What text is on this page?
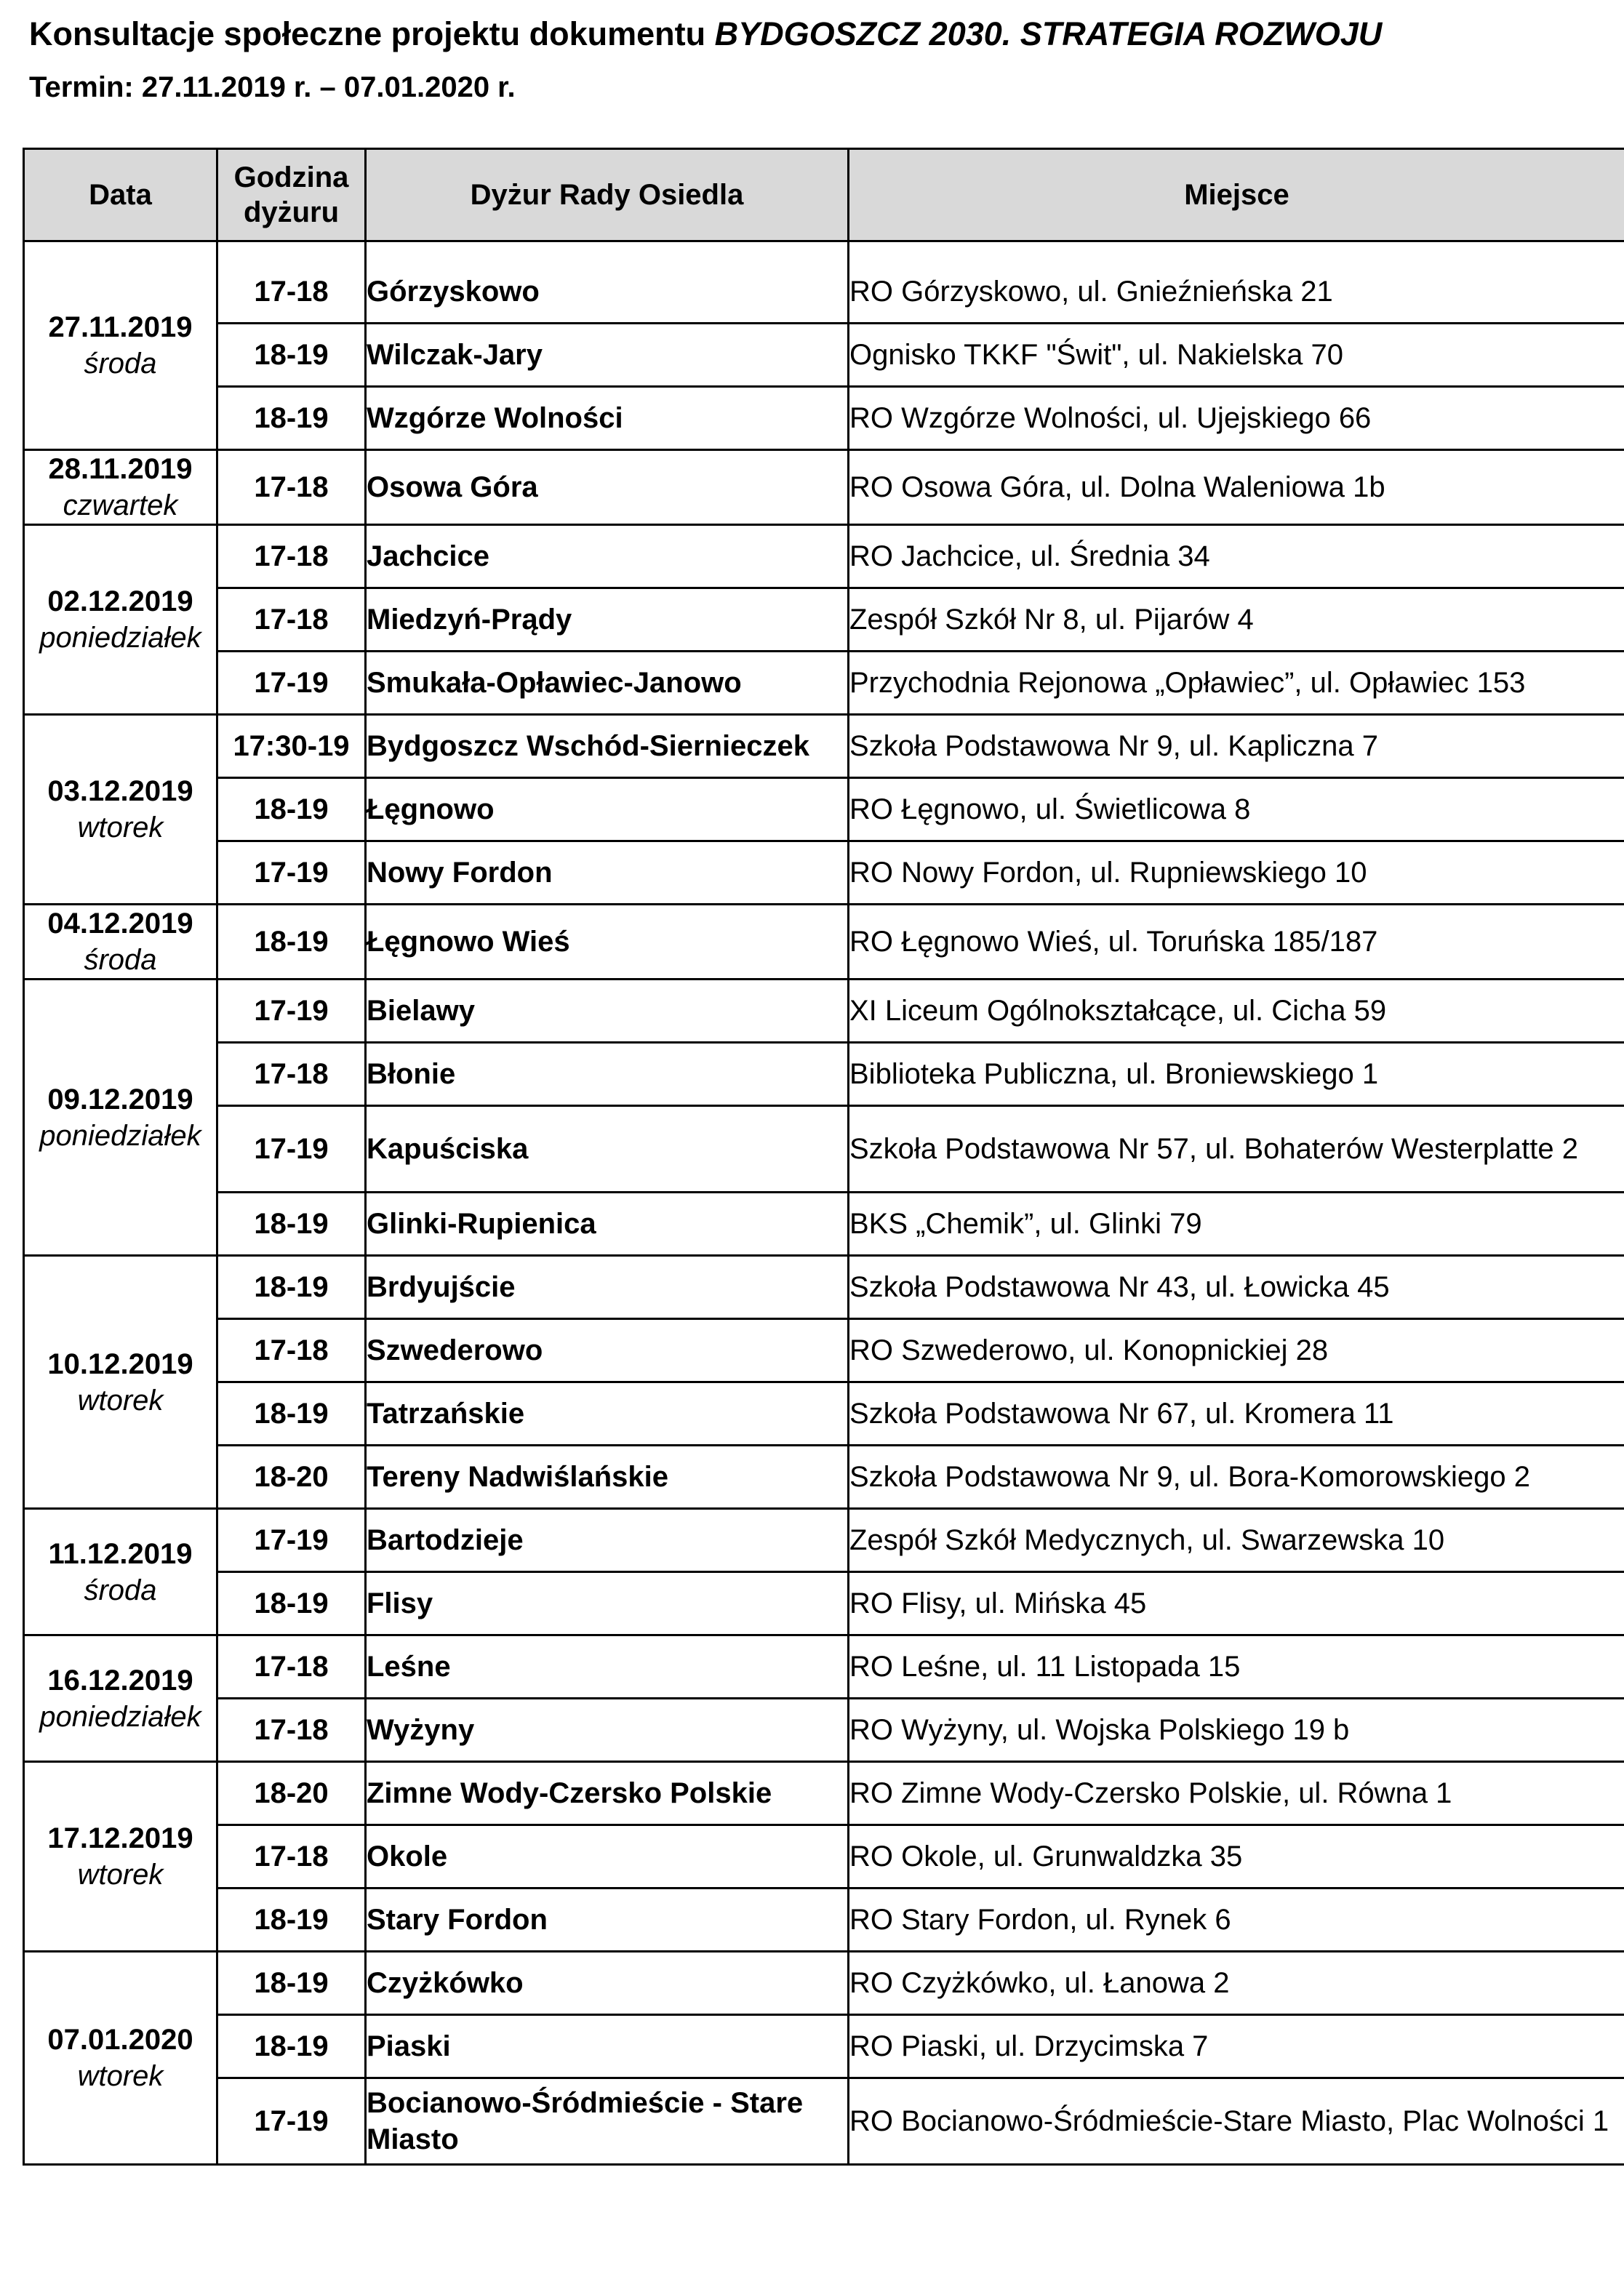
Konsultacje społeczne projektu dokumentu BYDGOSZCZ 2030. STRATEGIA ROZWOJU
Termin: 27.11.2019 r. – 07.01.2020 r.
Data	Godzina dyżuru	Dyżur Rady Osiedla	Miejsce

27.11.2019
środa	17-18	Górzyskowo	RO Górzyskowo, ul. Gnieźnieńska 21
	18-19	Wilczak-Jary	Ognisko TKKF "Świt", ul. Nakielska 70
	18-19	Wzgórze Wolności	RO Wzgórze Wolności, ul. Ujejskiego 66

28.11.2019
czwartek	17-18	Osowa Góra	RO Osowa Góra, ul. Dolna Waleniowa 1b

02.12.2019
poniedziałek	17-18	Jachcice	RO Jachcice, ul. Średnia 34
	17-18	Miedzyń-Prądy	Zespół Szkół Nr 8, ul. Pijarów 4
	17-19	Smukała-Opławiec-Janowo	Przychodnia Rejonowa „Opławiec”, ul. Opławiec 153

03.12.2019
wtorek	17:30-19	Bydgoszcz Wschód-Siernieczek	Szkoła Podstawowa Nr 9, ul. Kapliczna 7
	18-19	Łęgnowo	RO Łęgnowo, ul. Świetlicowa 8
	17-19	Nowy Fordon	RO Nowy Fordon, ul. Rupniewskiego 10

04.12.2019
środa	18-19	Łęgnowo Wieś	RO Łęgnowo Wieś, ul. Toruńska 185/187

09.12.2019
poniedziałek	17-19	Bielawy	XI Liceum Ogólnokształcące, ul. Cicha 59
	17-18	Błonie	Biblioteka Publiczna, ul. Broniewskiego 1
	17-19	Kapuściska	Szkoła Podstawowa Nr 57, ul. Bohaterów Westerplatte 2
	18-19	Glinki-Rupienica	BKS „Chemik”, ul. Glinki 79

10.12.2019
wtorek	18-19	Brdyujście	Szkoła Podstawowa Nr 43, ul. Łowicka 45
	17-18	Szwederowo	RO Szwederowo, ul. Konopnickiej 28
	18-19	Tatrzańskie	Szkoła Podstawowa Nr 67, ul. Kromera 11
	18-20	Tereny Nadwiślańskie	Szkoła Podstawowa Nr 9, ul. Bora-Komorowskiego 2

11.12.2019
środa	17-19	Bartodzieje	Zespół Szkół Medycznych, ul. Swarzewska 10
	18-19	Flisy	RO Flisy, ul. Mińska 45

16.12.2019
poniedziałek	17-18	Leśne	RO Leśne, ul. 11 Listopada 15
	17-18	Wyżyny	RO Wyżyny, ul. Wojska Polskiego 19 b

17.12.2019
wtorek	18-20	Zimne Wody-Czersko Polskie	RO Zimne Wody-Czersko Polskie, ul. Równa 1
	17-18	Okole	RO Okole, ul. Grunwaldzka 35
	18-19	Stary Fordon	RO Stary Fordon, ul. Rynek 6

07.01.2020
wtorek	18-19	Czyżkówko	RO Czyżkówko, ul. Łanowa 2
	18-19	Piaski	RO Piaski, ul. Drzycimska 7
	17-19	Bocianowo-Śródmieście - Stare Miasto	RO Bocianowo-Śródmieście-Stare Miasto, Plac Wolności 1
